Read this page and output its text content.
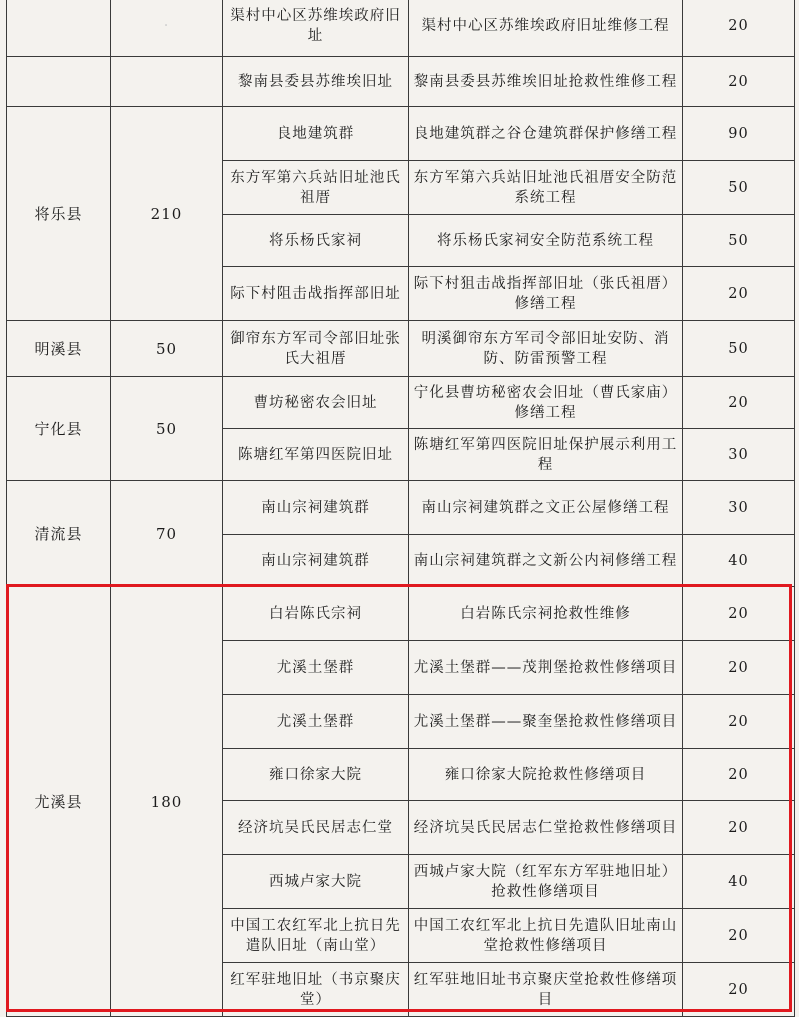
	·	渠村中心区苏维埃政府旧址	渠村中心区苏维埃政府旧址维修工程	20
		黎南县委县苏维埃旧址	黎南县委县苏维埃旧址抢救性维修工程	20
将乐县	210	良地建筑群	良地建筑群之谷仓建筑群保护修缮工程	90
		东方军第六兵站旧址池氏祖厝	东方军第六兵站旧址池氏祖厝安全防范系统工程	50
		将乐杨氏家祠	将乐杨氏家祠安全防范系统工程	50
		际下村阻击战指挥部旧址	际下村狙击战指挥部旧址（张氏祖厝）修缮工程	20
明溪县	50	御帘东方军司令部旧址张氏大祖厝	明溪御帘东方军司令部旧址安防、消防、防雷预警工程	50
宁化县	50	曹坊秘密农会旧址	宁化县曹坊秘密农会旧址（曹氏家庙）修缮工程	20
		陈塘红军第四医院旧址	陈塘红军第四医院旧址保护展示利用工程	30
清流县	70	南山宗祠建筑群	南山宗祠建筑群之文正公屋修缮工程	30
		南山宗祠建筑群	南山宗祠建筑群之文新公内祠修缮工程	40
尤溪县	180	白岩陈氏宗祠	白岩陈氏宗祠抢救性维修	20
		尤溪土堡群	尤溪土堡群——茂荆堡抢救性修缮项目	20
		尤溪土堡群	尤溪土堡群——聚奎堡抢救性修缮项目	20
		雍口徐家大院	雍口徐家大院抢救性修缮项目	20
		经济坑吴氏民居志仁堂	经济坑吴氏民居志仁堂抢救性修缮项目	20
		西城卢家大院	西城卢家大院（红军东方军驻地旧址）抢救性修缮项目	40
		中国工农红军北上抗日先遣队旧址（南山堂）	中国工农红军北上抗日先遣队旧址南山堂抢救性修缮项目	20
		红军驻地旧址（书京聚庆堂）	红军驻地旧址书京聚庆堂抢救性修缮项目	20
